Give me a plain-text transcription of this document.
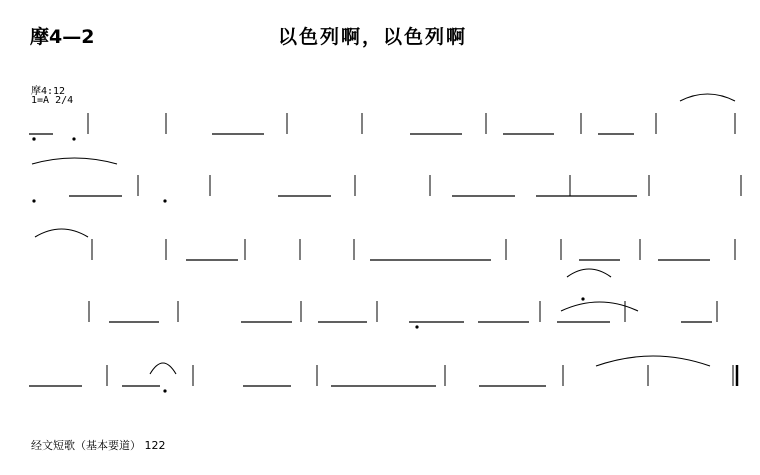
摩4—2	以色列啊，以色列啊
摩4:12
1=A 2/4
经文短歌（基本要道） 122
